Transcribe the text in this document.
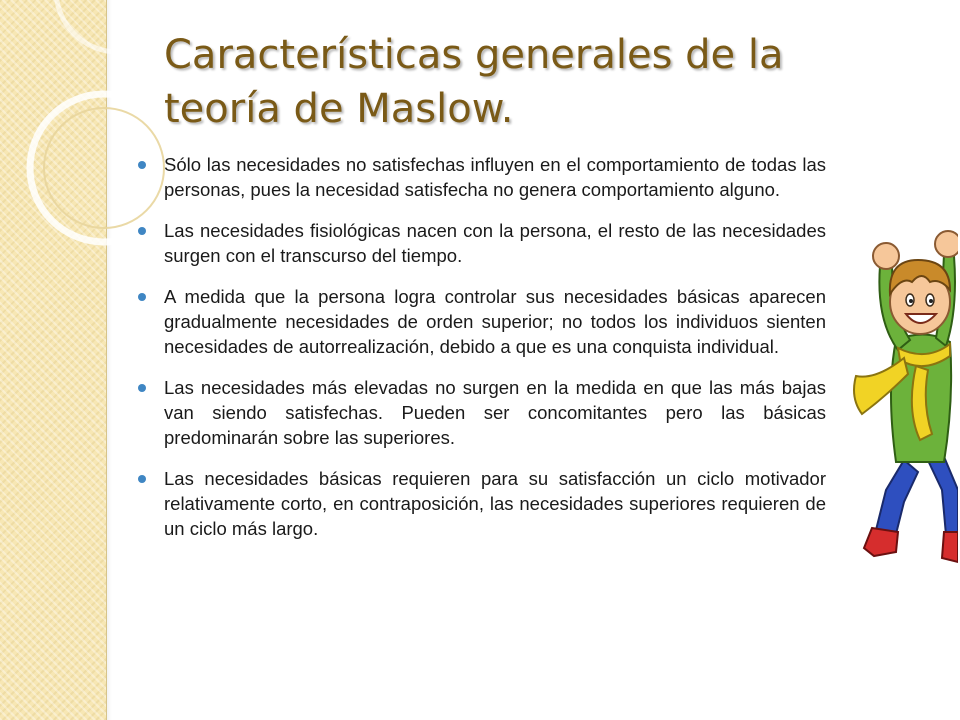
Características generales de la teoría de Maslow.
Sólo las necesidades no satisfechas influyen en el comportamiento de todas las personas, pues la necesidad satisfecha no genera comportamiento alguno.
Las necesidades fisiológicas nacen con la persona, el resto de las necesidades surgen con el transcurso del tiempo.
A medida que la persona logra controlar sus necesidades básicas aparecen gradualmente necesidades de orden superior; no todos los individuos sienten necesidades de autorrealización, debido a que es una conquista individual.
Las necesidades más elevadas no surgen en la medida en que las más bajas van siendo satisfechas. Pueden ser concomitantes pero las básicas predominarán sobre las superiores.
Las necesidades básicas requieren para su satisfacción un ciclo motivador relativamente corto, en contraposición, las necesidades superiores requieren de un ciclo más largo.
